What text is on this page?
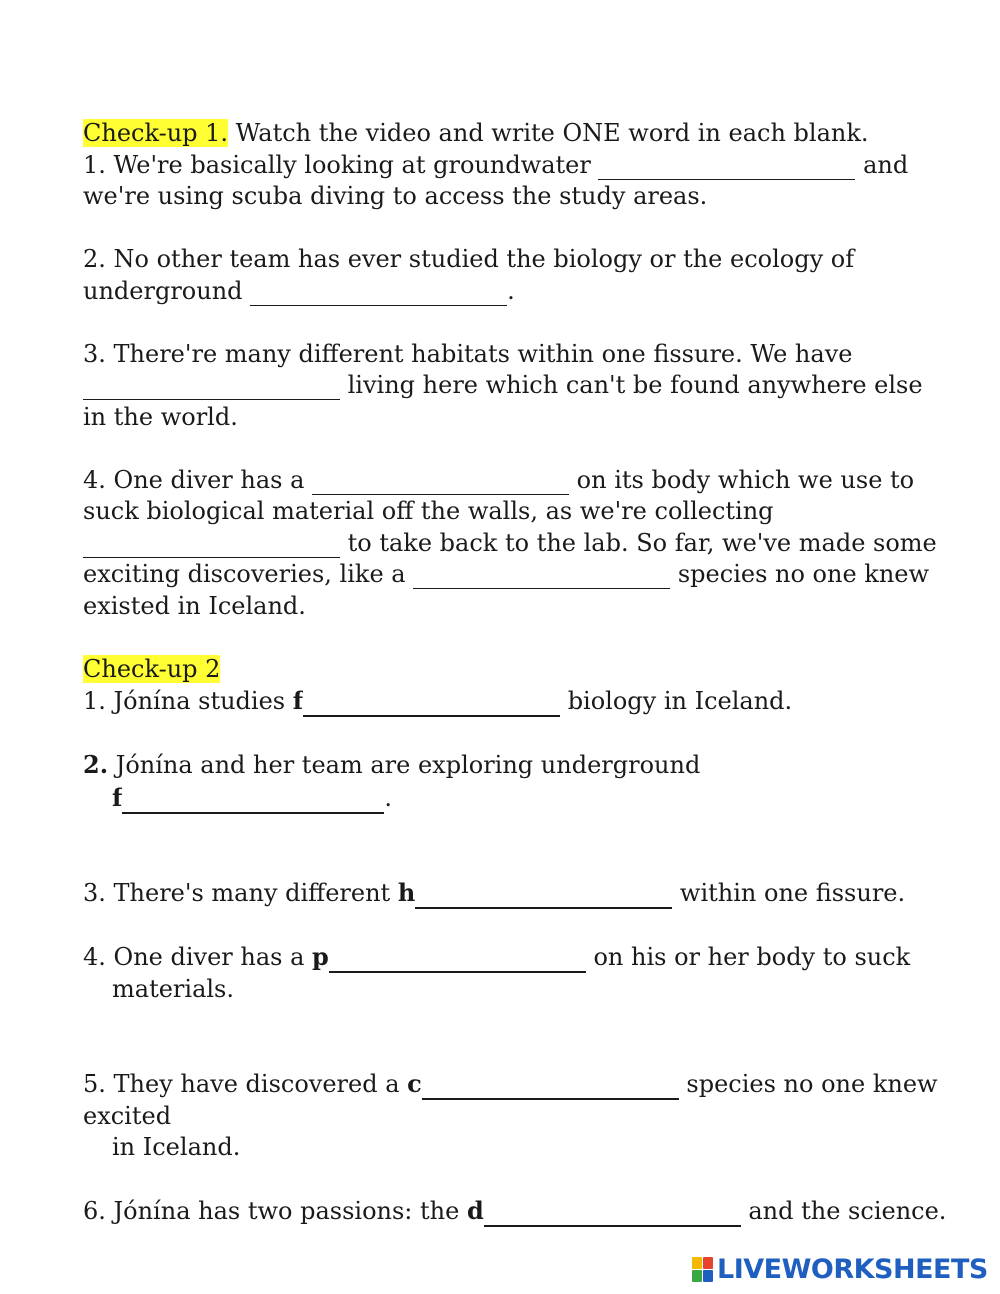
Check-up 1. Watch the video and write ONE word in each blank.

1. We're basically looking at groundwater	and we're using scuba diving to access the study areas.

2. No other team has ever studied the biology or the ecology of underground	.

3. There're many different habitats within one fissure. We have  living here which can't be found anywhere else in the world.

4. One diver has a	on its body which we use to suck biological material off the walls, as we're collecting  to take back to the lab. So far, we've made some exciting discoveries, like a	species no one knew existed in Iceland.

Check-up 2

1. Jónína studies f	biology in Iceland.

2. Jónína and her team are exploring underground

f	.

3. There's many different h	within one fissure.

4. One diver has a p	on his or her body to suck

materials.

5. They have discovered a c	species no one knew excited

in Iceland.

6. Jónína has two passions: the d	and the science.

LIVEWORKSHEETS
